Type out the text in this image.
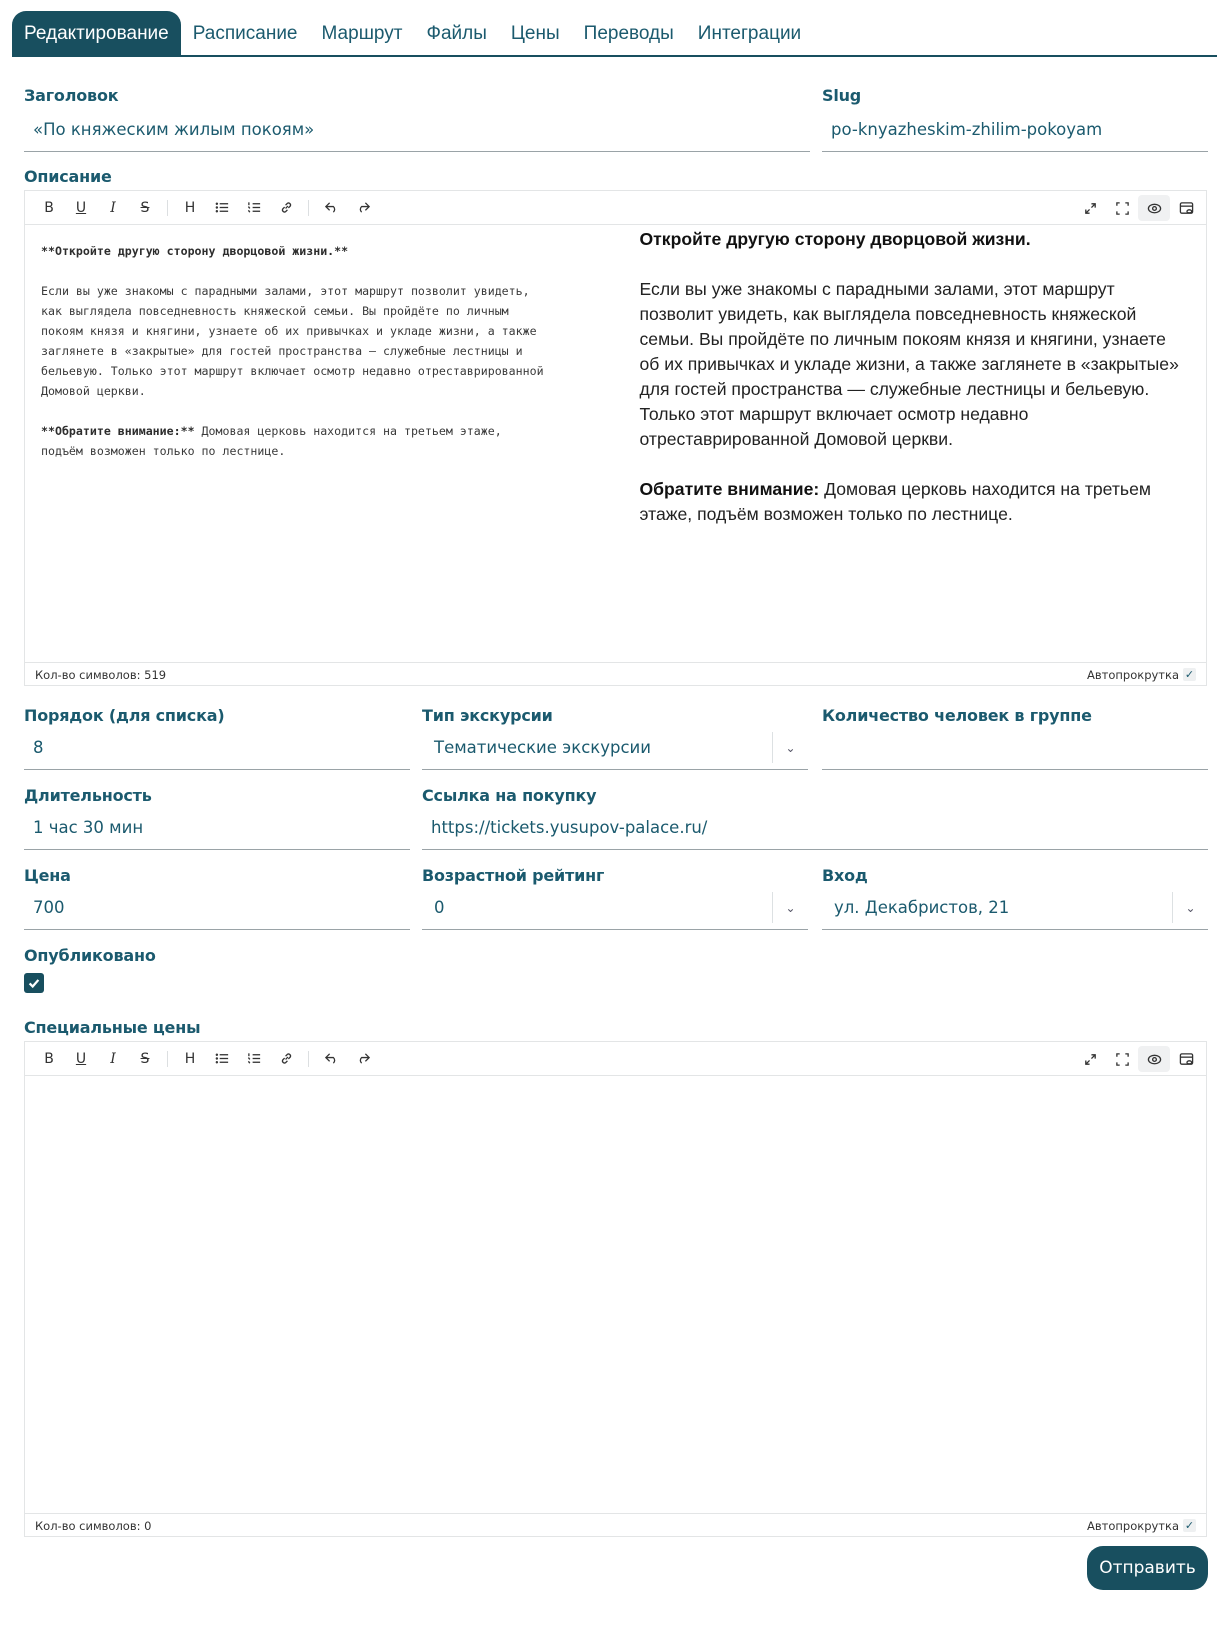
Редактирование	Расписание	Маршрут	Файлы	Цены	Переводы	Интеграции
Заголовок
«По княжеским жилым покоям»
Slug
po-knyazheskim-zhilim-pokoyam
Описание
B U I S	H
**Откройте другую сторону дворцовой жизни.**

Если вы уже знакомы с парадными залами, этот маршрут позволит увидеть,
как выглядела повседневность княжеской семьи. Вы пройдёте по личным
покоям князя и княгини, узнаете об их привычках и укладе жизни, а также
заглянете в «закрытые» для гостей пространства — служебные лестницы и
бельевую. Только этот маршрут включает осмотр недавно отреставрированной
Домовой церкви.

**Обратите внимание:** Домовая церковь находится на третьем этаже,
подъём возможен только по лестнице.

Откройте другую сторону дворцовой жизни.

Если вы уже знакомы с парадными залами, этот маршрут позволит увидеть, как выглядела повседневность княжеской семьи. Вы пройдёте по личным покоям князя и княгини, узнаете об их привычках и укладе жизни, а также заглянете в «закрытые» для гостей пространства — служебные лестницы и бельевую. Только этот маршрут включает осмотр недавно отреставрированной Домовой церкви.

Обратите внимание: Домовая церковь находится на третьем этаже, подъём возможен только по лестнице.

Кол-во символов: 519	Автопрокрутка ✓
Порядок (для списка)
8
Тип экскурсии
Тематические экскурсии	⌄
Количество человек в группе
Длительность
1 час 30 мин
Ссылка на покупку
https://tickets.yusupov-palace.ru/
Цена
700
Возрастной рейтинг
0	⌄
Вход
ул. Декабристов, 21	⌄
Опубликовано
Специальные цены
B U I S	H
Кол-во символов: 0	Автопрокрутка ✓
Отправить
